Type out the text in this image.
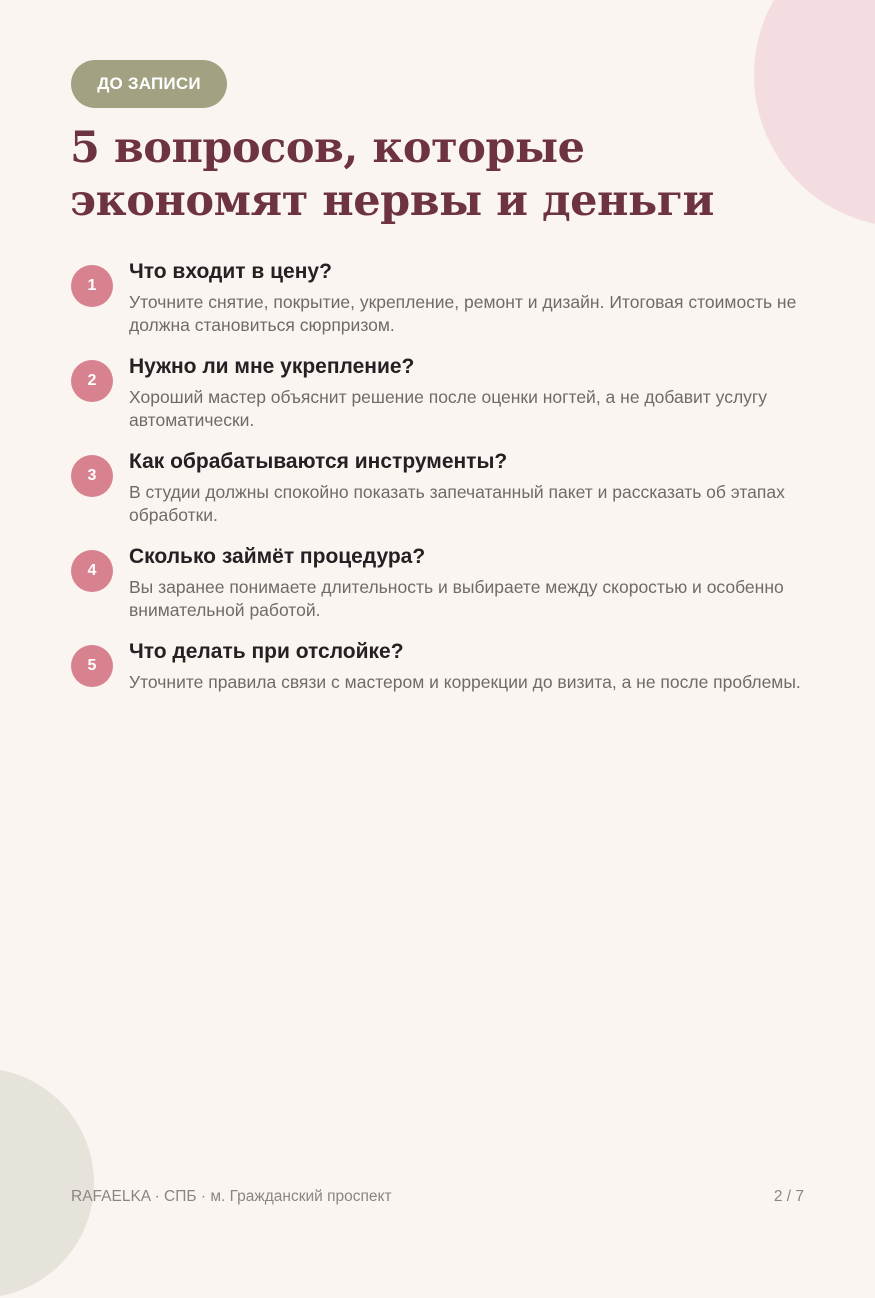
ДО ЗАПИСИ
5 вопросов, которые экономят нервы и деньги
1
Что входит в цену?

Уточните снятие, покрытие, укрепление, ремонт и дизайн. Итоговая стоимость не должна становиться сюрпризом.

2
Нужно ли мне укрепление?

Хороший мастер объяснит решение после оценки ногтей, а не добавит услугу автоматически.

3
Как обрабатываются инструменты?

В студии должны спокойно показать запечатанный пакет и рассказать об этапах обработки.

4
Сколько займёт процедура?

Вы заранее понимаете длительность и выбираете между скоростью и особенно внимательной работой.

5
Что делать при отслойке?

Уточните правила связи с мастером и коррекции до визита, а не после проблемы.

RAFAELKA · СПБ · м. Гражданский проспект	2 / 7
